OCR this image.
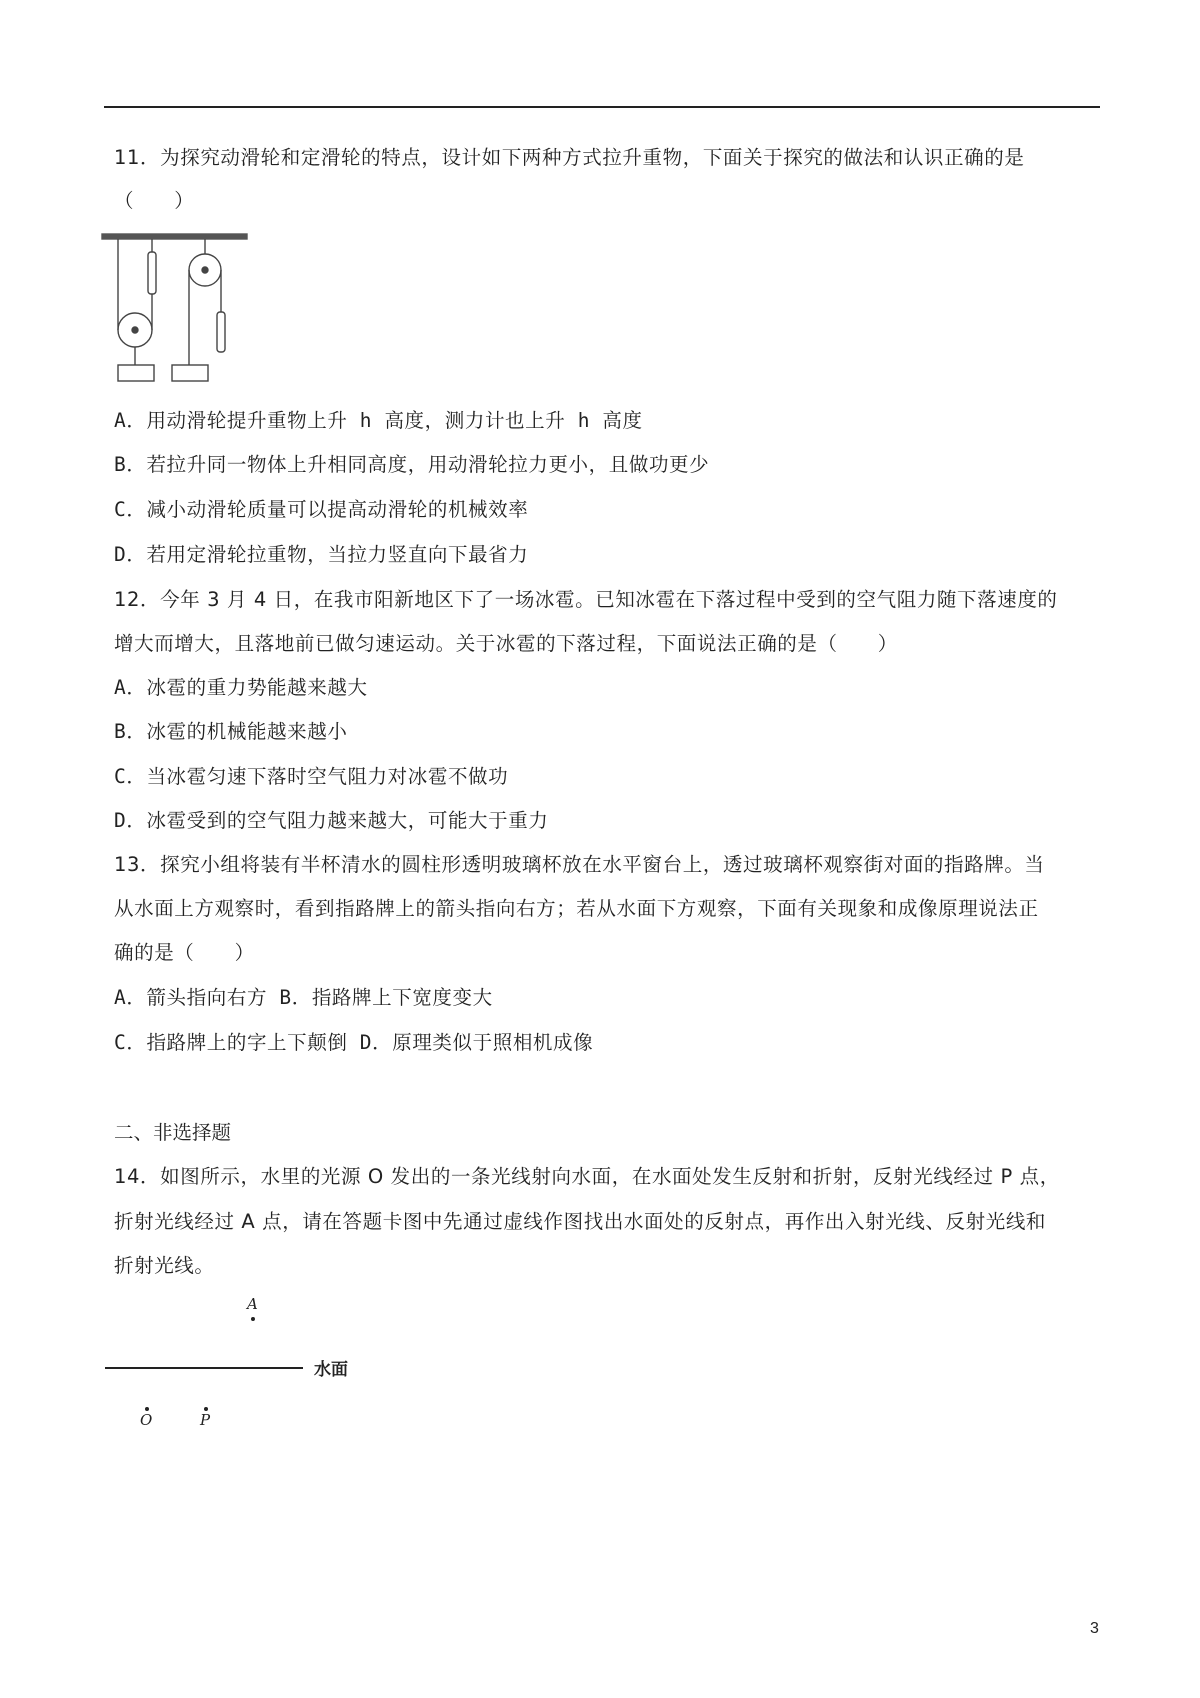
11．为探究动滑轮和定滑轮的特点，设计如下两种方式拉升重物，下面关于探究的做法和认识正确的是
（　　）
A．用动滑轮提升重物上升 h 高度，测力计也上升 h 高度
B．若拉升同一物体上升相同高度，用动滑轮拉力更小，且做功更少
C．减小动滑轮质量可以提高动滑轮的机械效率
D．若用定滑轮拉重物，当拉力竖直向下最省力
12．今年 3 月 4 日，在我市阳新地区下了一场冰雹。已知冰雹在下落过程中受到的空气阻力随下落速度的
增大而增大，且落地前已做匀速运动。关于冰雹的下落过程，下面说法正确的是（　　）
A．冰雹的重力势能越来越大
B．冰雹的机械能越来越小
C．当冰雹匀速下落时空气阻力对冰雹不做功
D．冰雹受到的空气阻力越来越大，可能大于重力
13．探究小组将装有半杯清水的圆柱形透明玻璃杯放在水平窗台上，透过玻璃杯观察街对面的指路牌。当
从水面上方观察时，看到指路牌上的箭头指向右方；若从水面下方观察，下面有关现象和成像原理说法正
确的是（　　）
A．箭头指向右方 B．指路牌上下宽度变大
C．指路牌上的字上下颠倒 D．原理类似于照相机成像
二、非选择题
14．如图所示，水里的光源 O 发出的一条光线射向水面，在水面处发生反射和折射，反射光线经过 P 点，
折射光线经过 A 点，请在答题卡图中先通过虚线作图找出水面处的反射点，再作出入射光线、反射光线和
折射光线。
A
水面
O	P
3
